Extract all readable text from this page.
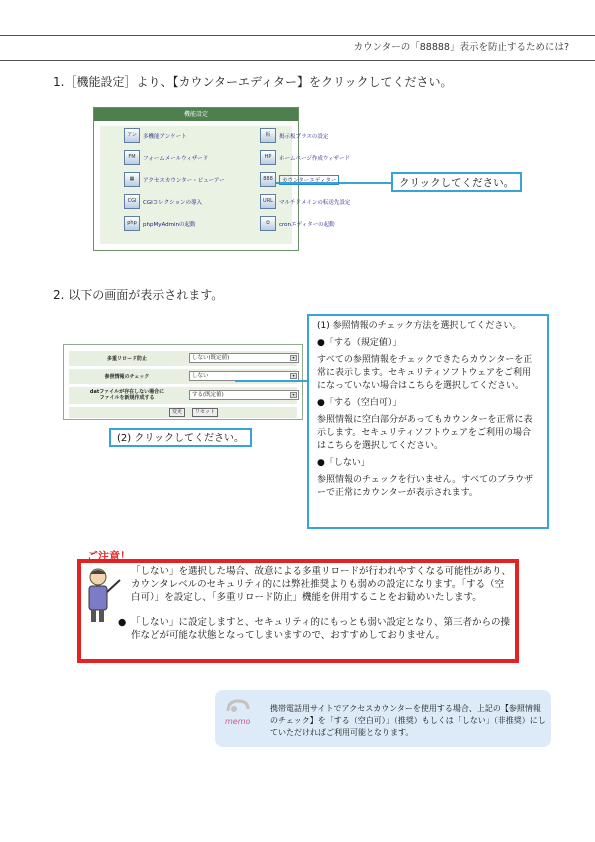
カウンターの「88888」表示を防止するためには?
1.［機能設定］より、【カウンターエディター】をクリックしてください。
機能設定
クリックしてください。
2. 以下の画面が表示されます。
多重リロード防止	しない(既定値)	▾
参照情報のチェック	しない	▾
datファイルが存在しない場合に
ファイルを新規作成する	する(既定値)	▾
変更	リセット
(2) クリックしてください。

(1) 参照情報のチェック方法を選択してください。

●「する（規定値）」

すべての参照情報をチェックできたらカウンターを正常に表示します。セキュリティソフトウェアをご利用になっていない場合はこちらを選択してください。

●「する（空白可）」

参照情報に空白部分があってもカウンターを正常に表示します。セキュリティソフトウェアをご利用の場合はこちらを選択してください。

●「しない」

参照情報のチェックを行いません。すべてのブラウザーで正常にカウンターが表示されます。

ご注意！
「しない」を選択した場合、故意による多重リロードが行われやすくなる可能性があり、カウンタレベルのセキュリティ的には弊社推奨よりも弱めの設定になります。「する（空白可）」を設定し、「多重リロード防止」機能を併用することをお勧めいたします。
● 「しない」に設定しますと、セキュリティ的にもっとも弱い設定となり、第三者からの操作などが可能な状態となってしまいますので、おすすめしておりません。
memo
携帯電話用サイトでアクセスカウンターを使用する場合、上記の【参照情報のチェック】を「する（空白可）」（推奨）もしくは「しない」（非推奨）にしていただければご利用可能となります。
アン	多機能アンケート
FM	フォームメールウィザード
▦	アクセスカウンター・ビューアー
CGI	CGIコレクションの導入
php	phpMyAdminの起動
板	掲示板プラスの設定
HP	ホームページ作成ウィザード
888	カウンターエディター
URL	マルチドメインの転送先設定
⏲	cronエディターの起動
